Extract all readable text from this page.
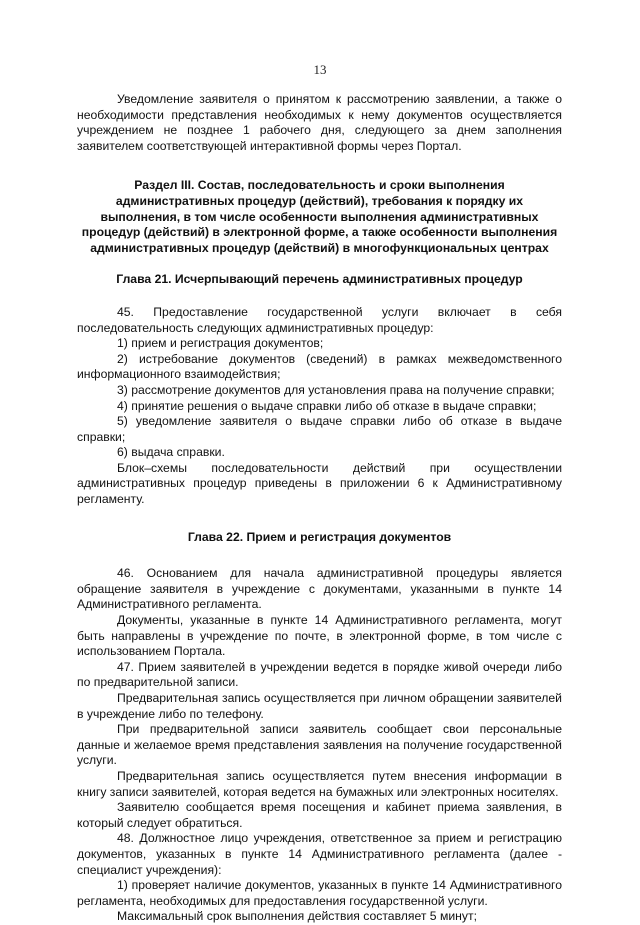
13

Уведомление заявителя о принятом к рассмотрению заявлении, а также о необходимости представления необходимых к нему документов осуществляется учреждением не позднее 1 рабочего дня, следующего за днем заполнения заявителем соответствующей интерактивной формы через Портал.

Раздел III. Состав, последовательность и сроки выполнения административных процедур (действий), требования к порядку их выполнения, в том числе особенности выполнения административных процедур (действий) в электронной форме, а также особенности выполнения административных процедур (действий) в многофункциональных центрах
Глава 21. Исчерпывающий перечень административных процедур

45. Предоставление государственной услуги включает в себя последовательность следующих административных процедур:

1) прием и регистрация документов;

2) истребование документов (сведений) в рамках межведомственного информационного взаимодействия;

3) рассмотрение документов для установления права на получение справки;

4) принятие решения о выдаче справки либо об отказе в выдаче справки;

5) уведомление заявителя о выдаче справки либо об отказе в выдаче справки;

6) выдача справки.

Блок–схемы последовательности действий при осуществлении административных процедур приведены в приложении 6 к Административному регламенту.

Глава 22. Прием и регистрация документов

46. Основанием для начала административной процедуры является обращение заявителя в учреждение с документами, указанными в пункте 14 Административного регламента.

Документы, указанные в пункте 14 Административного регламента, могут быть направлены в учреждение по почте, в электронной форме, в том числе с использованием Портала.

47. Прием заявителей в учреждении ведется в порядке живой очереди либо по предварительной записи.

Предварительная запись осуществляется при личном обращении заявителей в учреждение либо по телефону.

При предварительной записи заявитель сообщает свои персональные данные и желаемое время представления заявления на получение государственной услуги.

Предварительная запись осуществляется путем внесения информации в книгу записи заявителей, которая ведется на бумажных или электронных носителях.

Заявителю сообщается время посещения и кабинет приема заявления, в который следует обратиться.

48. Должностное лицо учреждения, ответственное за прием и регистрацию документов, указанных в пункте 14 Административного регламента (далее - специалист учреждения):

1) проверяет наличие документов, указанных в пункте 14 Административного регламента, необходимых для предоставления государственной услуги.

Максимальный срок выполнения действия составляет 5 минут;
